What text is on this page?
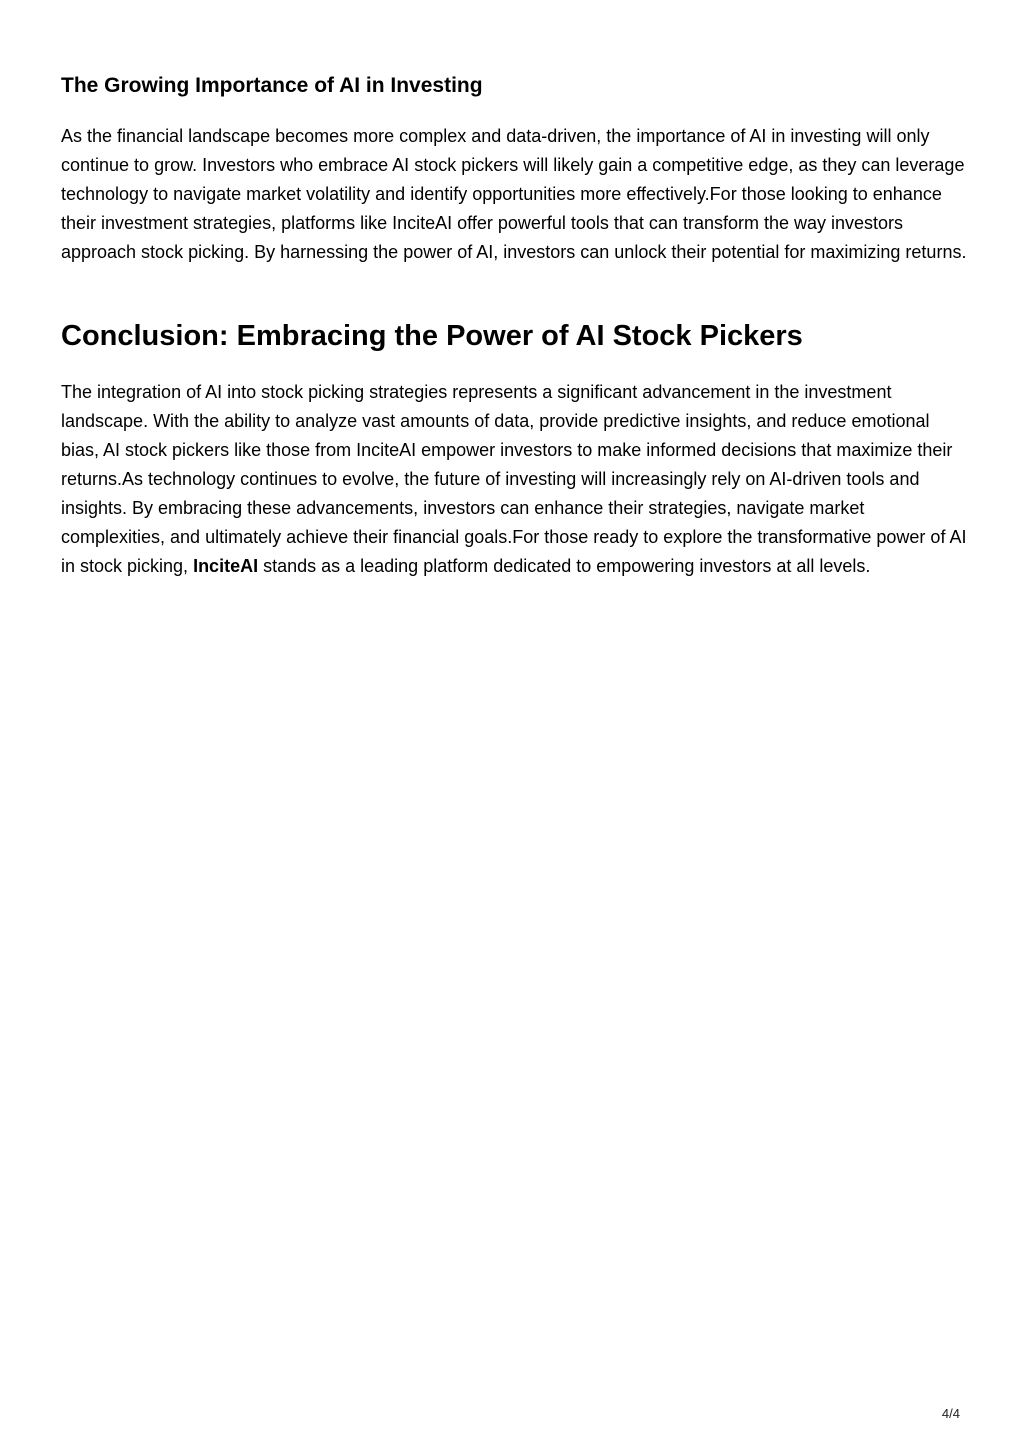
The Growing Importance of AI in Investing

As the financial landscape becomes more complex and data-driven, the importance of AI in investing will only continue to grow. Investors who embrace AI stock pickers will likely gain a competitive edge, as they can leverage technology to navigate market volatility and identify opportunities more effectively.For those looking to enhance their investment strategies, platforms like InciteAI offer powerful tools that can transform the way investors approach stock picking. By harnessing the power of AI, investors can unlock their potential for maximizing returns.

Conclusion: Embracing the Power of AI Stock Pickers

The integration of AI into stock picking strategies represents a significant advancement in the investment landscape. With the ability to analyze vast amounts of data, provide predictive insights, and reduce emotional bias, AI stock pickers like those from InciteAI empower investors to make informed decisions that maximize their returns.As technology continues to evolve, the future of investing will increasingly rely on AI-driven tools and insights. By embracing these advancements, investors can enhance their strategies, navigate market complexities, and ultimately achieve their financial goals.For those ready to explore the transformative power of AI in stock picking, InciteAI stands as a leading platform dedicated to empowering investors at all levels.

4/4
